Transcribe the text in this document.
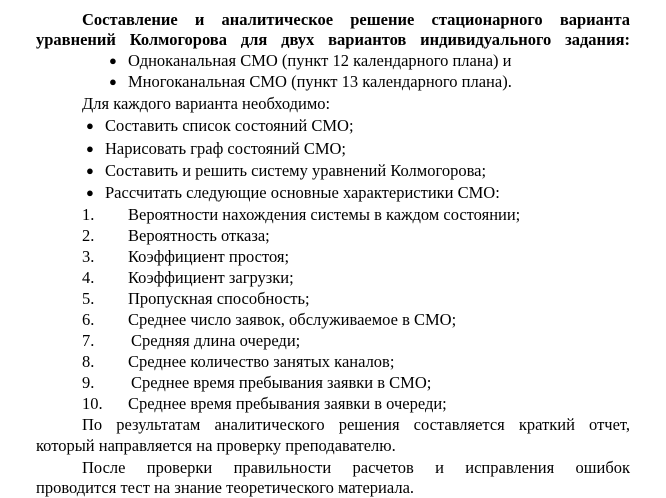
Составление и аналитическое решение стационарного варианта
уравнений Колмогорова для двух вариантов индивидуального задания:
● Одноканальная СМО (пункт 12 календарного плана) и
● Многоканальная СМО (пункт 13 календарного плана).
Для каждого варианта необходимо:
● Составить список состояний СМО;
● Нарисовать граф состояний СМО;
● Составить и решить систему уравнений Колмогорова;
● Рассчитать следующие основные характеристики СМО:
1. Вероятности нахождения системы в каждом состоянии;
2. Вероятность отказа;
3. Коэффициент простоя;
4. Коэффициент загрузки;
5. Пропускная способность;
6. Среднее число заявок, обслуживаемое в СМО;
7. Средняя длина очереди;
8. Среднее количество занятых каналов;
9. Среднее время пребывания заявки в СМО;
10. Среднее время пребывания заявки в очереди;
По результатам аналитического решения составляется краткий отчет,
который направляется на проверку преподавателю.
После проверки правильности расчетов и исправления ошибок
проводится тест на знание теоретического материала.
